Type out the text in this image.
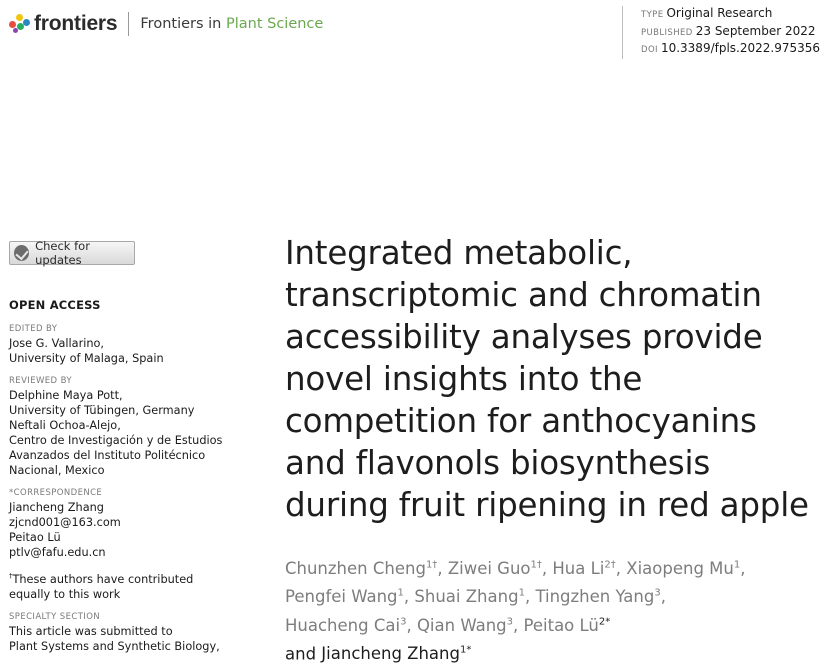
frontiers Frontiers in Plant Science
TYPE Original Research
PUBLISHED 23 September 2022
DOI 10.3389/fpls.2022.975356
Check for updates
OPEN ACCESS
EDITED BY
Jose G. Vallarino,
University of Malaga, Spain
REVIEWED BY
Delphine Maya Pott,
University of Tübingen, Germany
Neftali Ochoa-Alejo,
Centro de Investigación y de Estudios
Avanzados del Instituto Politécnico
Nacional, Mexico
*CORRESPONDENCE
Jiancheng Zhang
zjcnd001@163.com
Peitao Lü
ptlv@fafu.edu.cn
†These authors have contributed
equally to this work
SPECIALTY SECTION
This article was submitted to
Plant Systems and Synthetic Biology,
Integrated metabolic,
transcriptomic and chromatin
accessibility analyses provide
novel insights into the
competition for anthocyanins
and flavonols biosynthesis
during fruit ripening in red apple
Chunzhen Cheng$^{1\dagger}$, Ziwei Guo$^{1\dagger}$, Hua $Li^{2\dagger}$, Xiaopeng Mu$^1$,
Pengfei Wang$^1$, Shuai Zhang$^1$, Tingzhen Yang$^3$,
Huacheng Cai$^3$, Qian Wang$^3$, Peitao $Lü^{2*}$
and Jiancheng Zhang$^{1*}$
